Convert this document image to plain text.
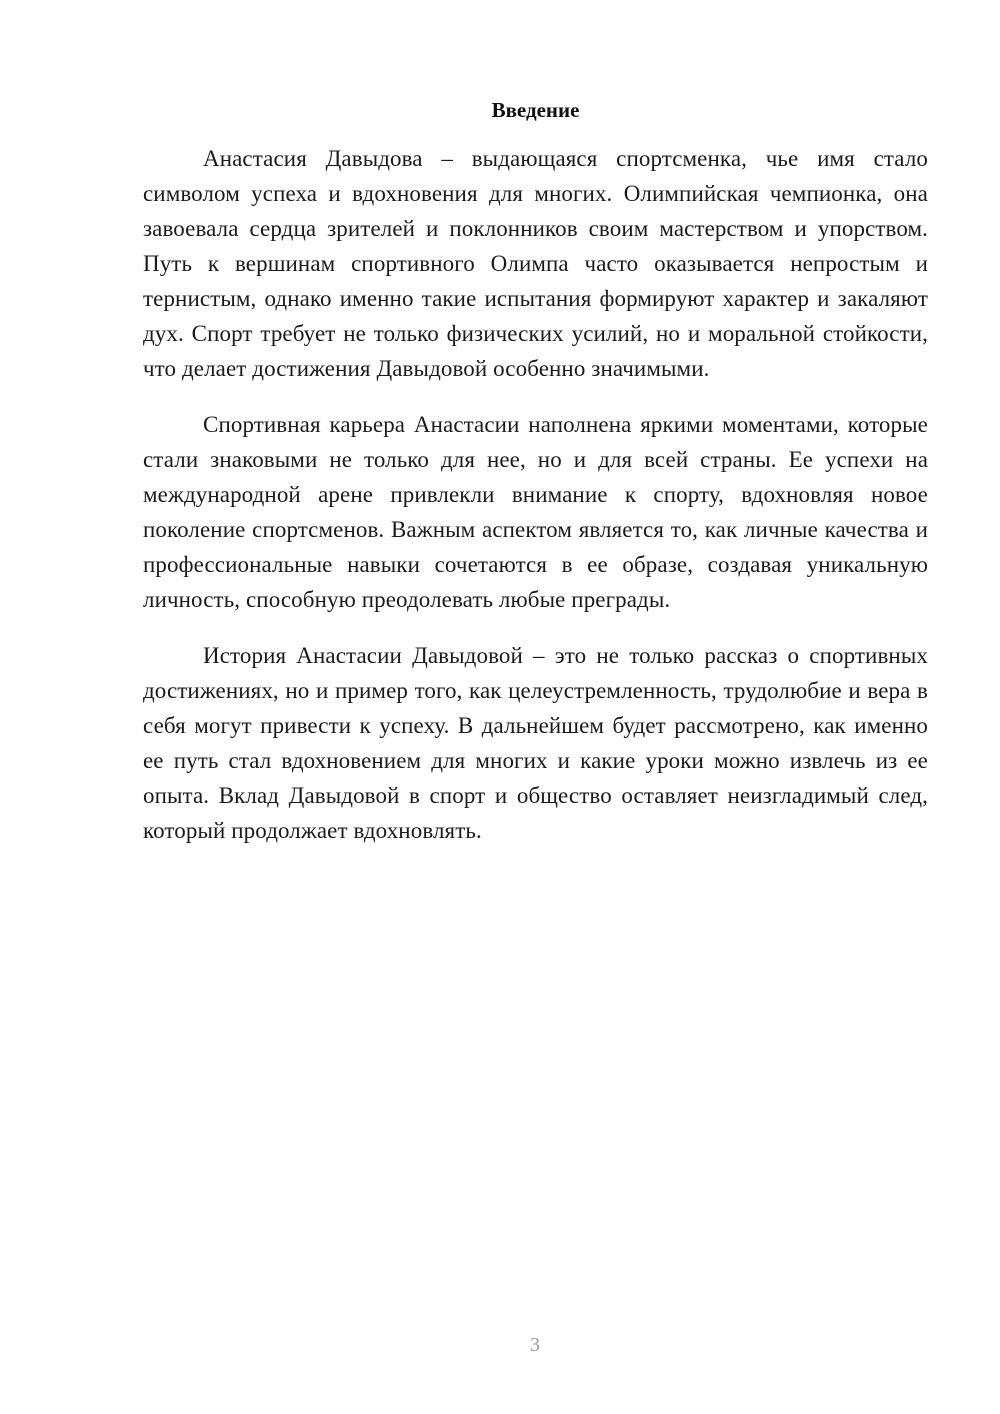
Введение

Анастасия Давыдова – выдающаяся спортсменка, чье имя стало символом успеха и вдохновения для многих. Олимпийская чемпионка, она завоевала сердца зрителей и поклонников своим мастерством и упорством. Путь к вершинам спортивного Олимпа часто оказывается непростым и тернистым, однако именно такие испытания формируют характер и закаляют дух. Спорт требует не только физических усилий, но и моральной стойкости, что делает достижения Давыдовой особенно значимыми.

Спортивная карьера Анастасии наполнена яркими моментами, которые стали знаковыми не только для нее, но и для всей страны. Ее успехи на международной арене привлекли внимание к спорту, вдохновляя новое поколение спортсменов. Важным аспектом является то, как личные качества и профессиональные навыки сочетаются в ее образе, создавая уникальную личность, способную преодолевать любые преграды.

История Анастасии Давыдовой – это не только рассказ о спортивных достижениях, но и пример того, как целеустремленность, трудолюбие и вера в себя могут привести к успеху. В дальнейшем будет рассмотрено, как именно ее путь стал вдохновением для многих и какие уроки можно извлечь из ее опыта. Вклад Давыдовой в спорт и общество оставляет неизгладимый след, который продолжает вдохновлять.

3
